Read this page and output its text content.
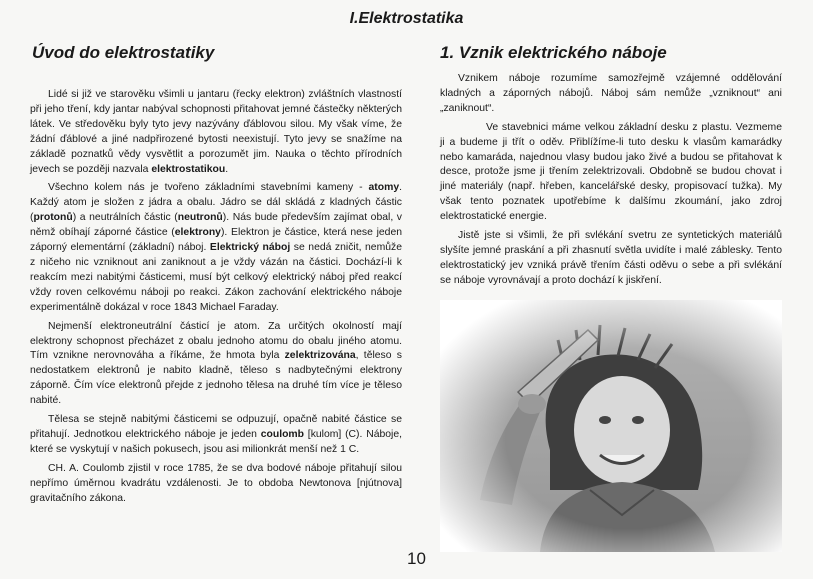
I.Elektrostatika
Úvod do elektrostatiky

Lidé si již ve starověku všimli u jantaru (řecky elektron) zvláštních vlastností při jeho tření, kdy jantar nabýval schopnosti přitahovat jemné částečky některých látek. Ve středověku byly tyto jevy nazývány ďáblovou silou. My však víme, že žádní ďáblové a jiné nadpřirozené bytosti neexistují. Tyto jevy se snažíme na základě poznatků vědy vysvětlit a porozumět jim. Nauka o těchto přírodních jevech se později nazvala elektrostatikou.

Všechno kolem nás je tvořeno základními stavebními kameny - atomy. Každý atom je složen z jádra a obalu. Jádro se dál skládá z kladných částic (protonů) a neutrálních částic (neutronů). Nás bude především zajímat obal, v němž obíhají záporné částice (elektrony). Elektron je částice, která nese jeden záporný elementární (základní) náboj. Elektrický náboj se nedá zničit, nemůže z ničeho nic vzniknout ani zaniknout a je vždy vázán na částici. Dochází-li k reakcím mezi nabitými částicemi, musí být celkový elektrický náboj před reakcí vždy roven celkovému náboji po reakci. Zákon zachování elektrického náboje experimentálně dokázal v roce 1843 Michael Faraday.

Nejmenší elektroneutrální částicí je atom. Za určitých okolností mají elektrony schopnost přecházet z obalu jednoho atomu do obalu jiného atomu. Tím vznikne nerovnováha a říkáme, že hmota byla zelektrizována, těleso s nedostatkem elektronů je nabito kladně, těleso s nadbytečnými elektrony záporně. Čím více elektronů přejde z jednoho tělesa na druhé tím více je těleso nabité.

Tělesa se stejně nabitými částicemi se odpuzují, opačně nabité částice se přitahují. Jednotkou elektrického náboje je jeden coulomb [kulom] (C). Náboje, které se vyskytují v našich pokusech, jsou asi milionkrát menší než 1 C.

CH. A. Coulomb zjistil v roce 1785, že se dva bodové náboje přitahují silou nepřímo úměrnou kvadrátu vzdálenosti. Je to obdoba Newtonova [njútnova] gravitačního zákona.

1. Vznik elektrického náboje

Vznikem náboje rozumíme samozřejmě vzájemné oddělování kladných a záporných nábojů. Náboj sám nemůže „vzniknout“ ani „zaniknout“.

Ve stavebnici máme velkou základní desku z plastu. Vezmeme ji a budeme ji třít o oděv. Přiblížíme-li tuto desku k vlasům kamarádky nebo kamaráda, najednou vlasy budou jako živé a budou se přitahovat k desce, protože jsme ji třením zelektrizovali. Obdobně se budou chovat i jiné materiály (např. hřeben, kancelářské desky, propisovací tužka). My však tento poznatek upotřebíme k dalšímu zkoumání, jako zdroj elektrostatické energie.

Jistě jste si všimli, že při svlékání svetru ze syntetických materiálů slyšíte jemné praskání a při zhasnutí světla uvidíte i malé záblesky. Tento elektrostatický jev vzniká právě třením části oděvu o sebe a při svlékání se náboje vyrovnávají a proto dochází k jiskření.

10
